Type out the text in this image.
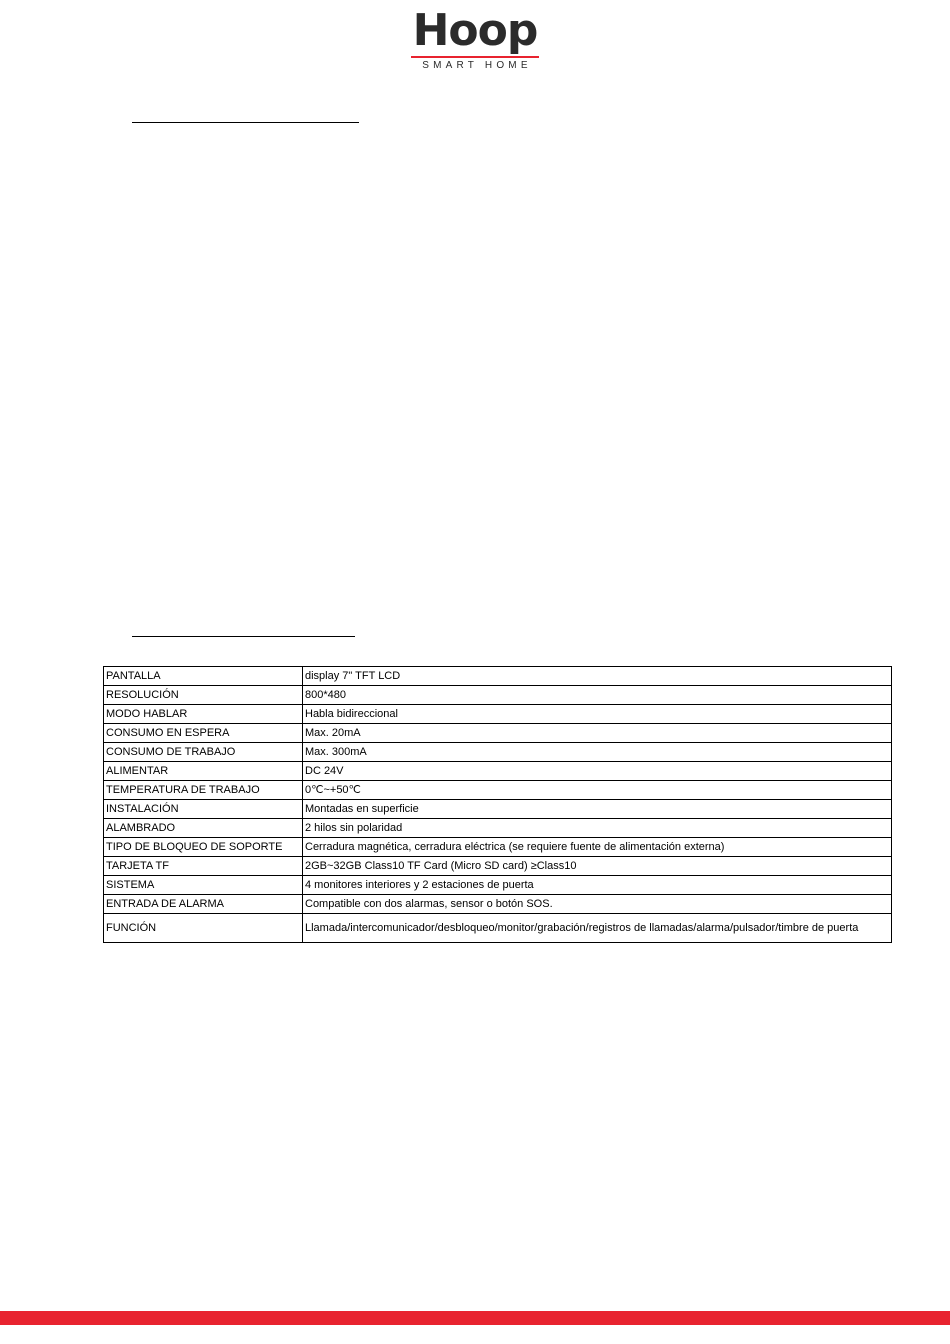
Hoop
SMART HOME
PANTALLA	display 7" TFT LCD
RESOLUCIÓN	800*480
MODO HABLAR	Habla bidireccional
CONSUMO EN ESPERA	Max. 20mA
CONSUMO DE TRABAJO	Max. 300mA
ALIMENTAR	DC 24V
TEMPERATURA DE TRABAJO	0℃~+50℃
INSTALACIÓN	Montadas en superficie
ALAMBRADO	2 hilos sin polaridad
TIPO DE BLOQUEO DE SOPORTE	Cerradura magnética, cerradura eléctrica (se requiere fuente de alimentación externa)
TARJETA TF	2GB~32GB Class10 TF Card (Micro SD card) ≥Class10
SISTEMA	4 monitores interiores y 2 estaciones de puerta
ENTRADA DE ALARMA	Compatible con dos alarmas, sensor o botón SOS.
FUNCIÓN	Llamada/intercomunicador/desbloqueo/monitor/grabación/registros de llamadas/alarma/pulsador/timbre de puerta
